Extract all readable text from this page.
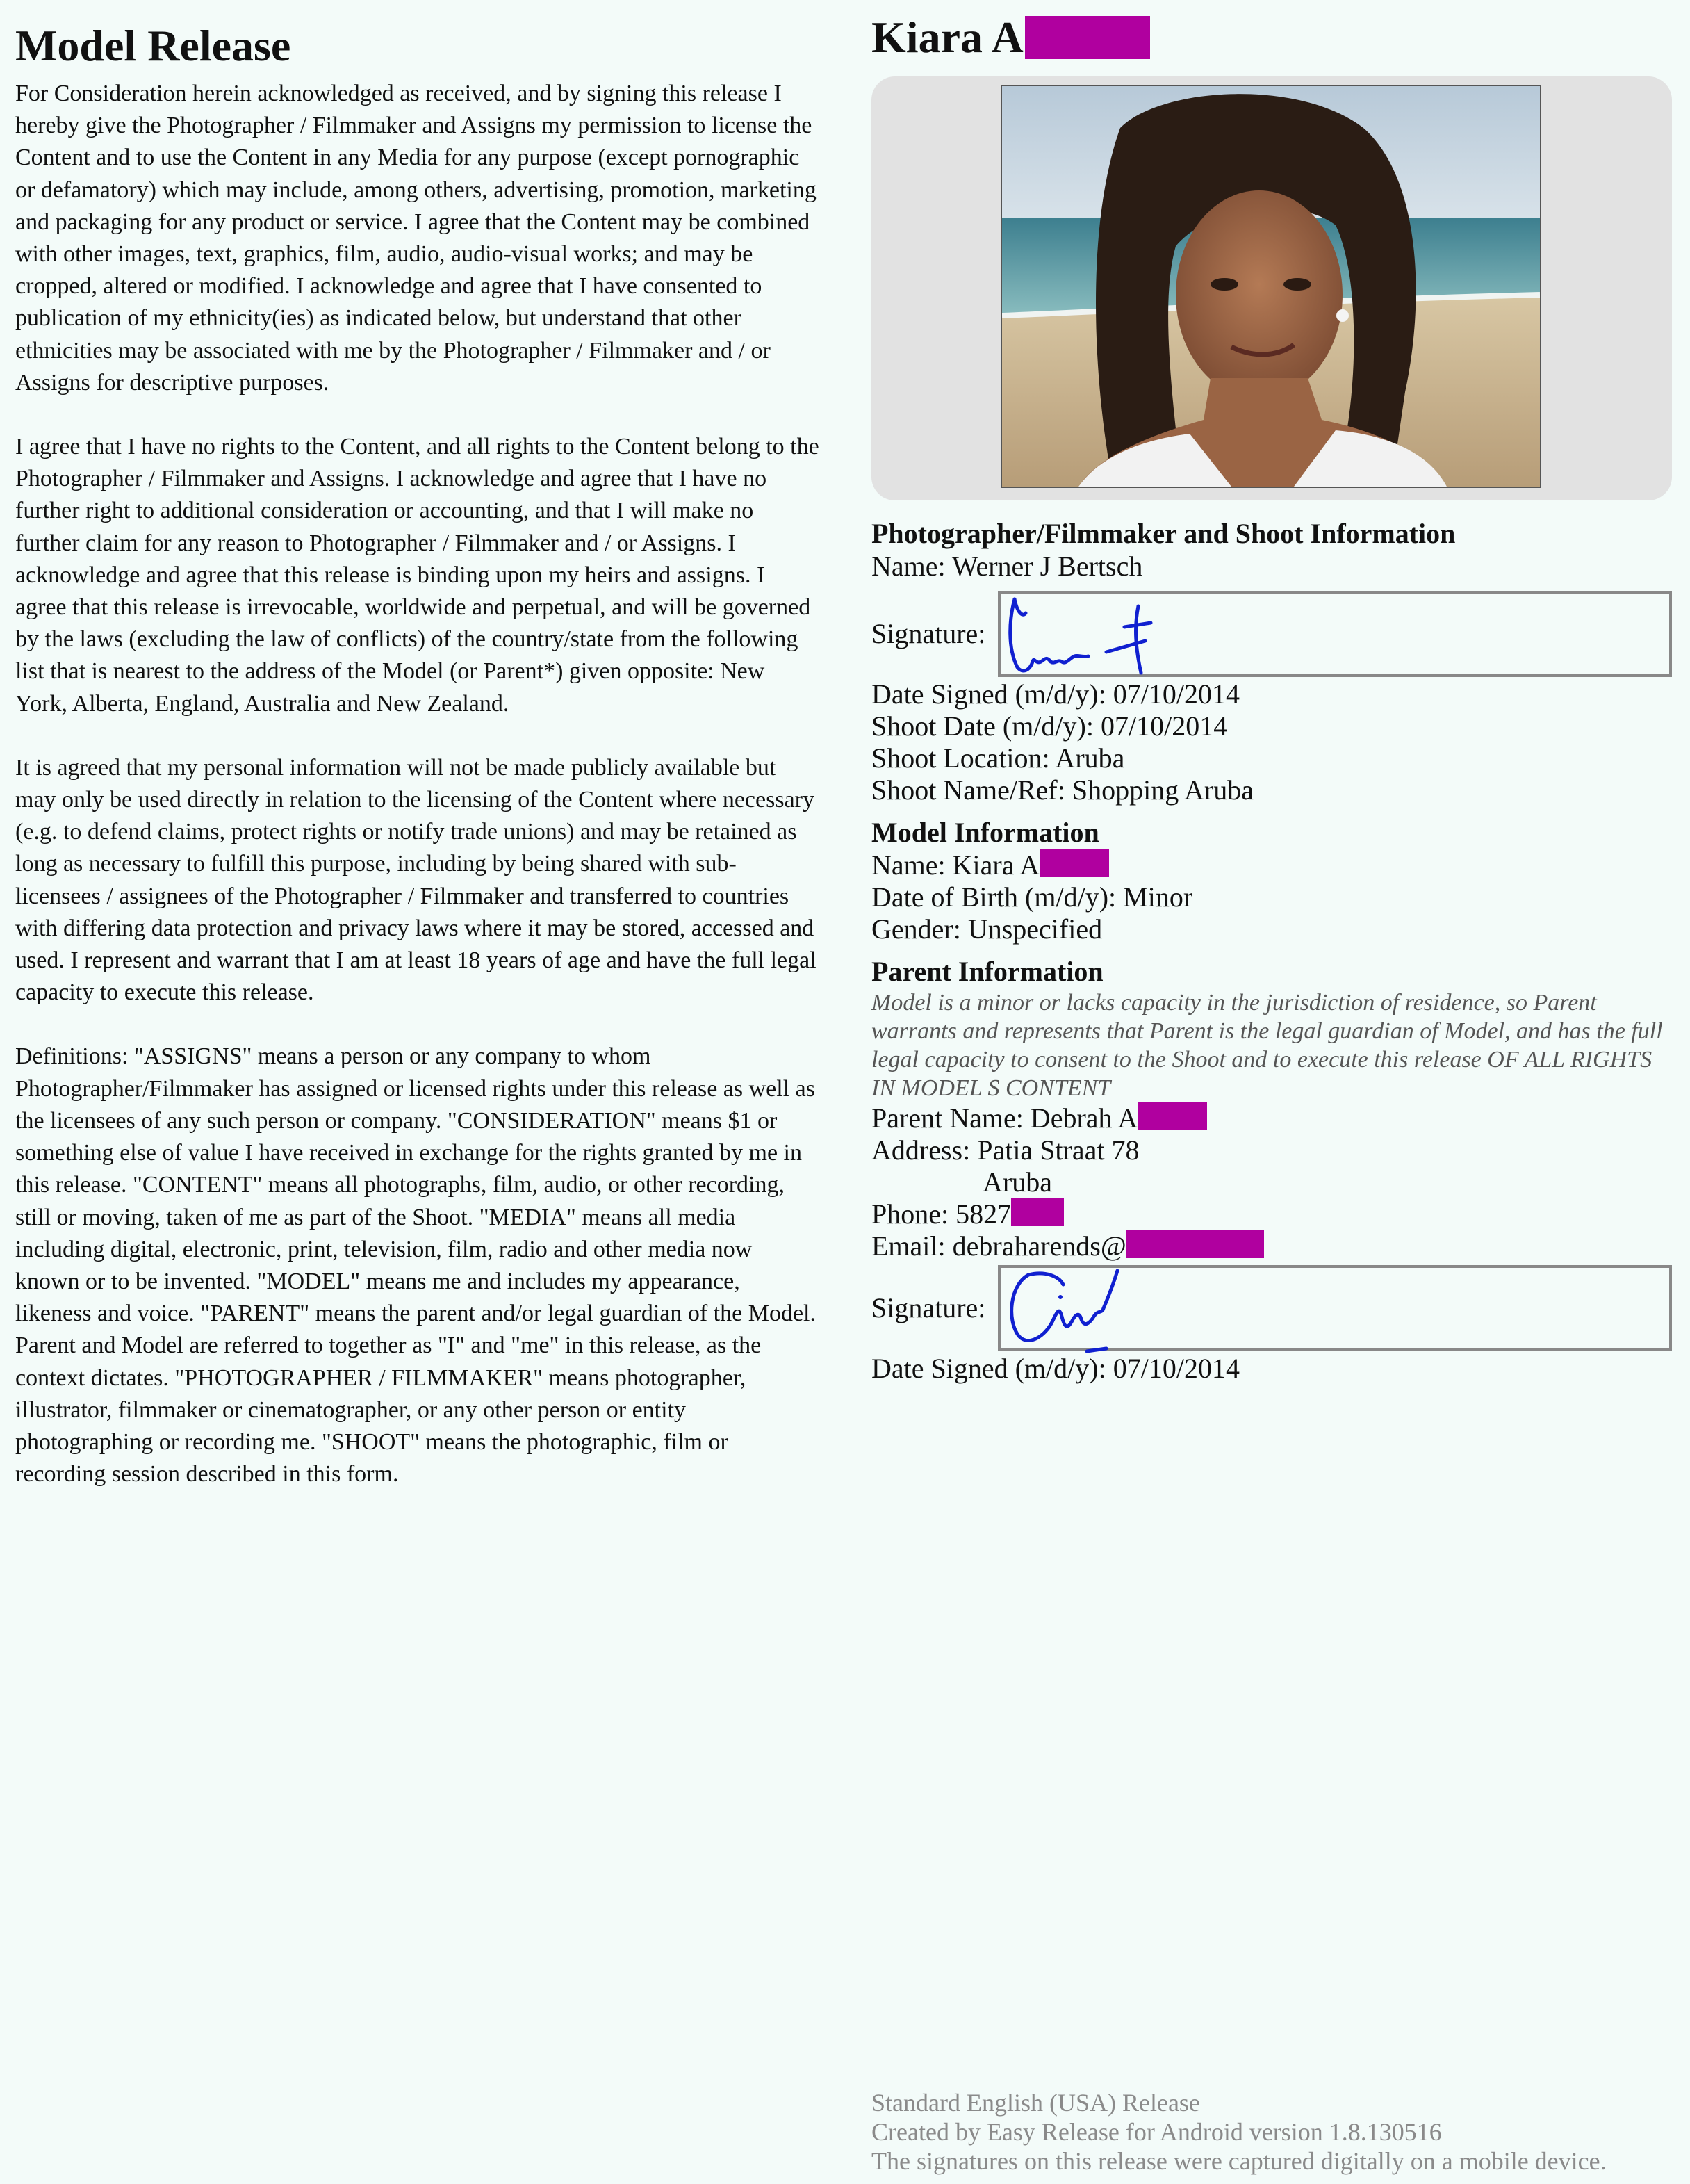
Model Release
For Consideration herein acknowledged as received, and by signing this release I hereby give the Photographer / Filmmaker and Assigns my permission to license the Content and to use the Content in any Media for any purpose (except pornographic or defamatory) which may include, among others, advertising, promotion, marketing and packaging for any product or service. I agree that the Content may be combined with other images, text, graphics, film, audio, audio-visual works; and may be cropped, altered or modified. I acknowledge and agree that I have consented to publication of my ethnicity(ies) as indicated below, but understand that other ethnicities may be associated with me by the Photographer / Filmmaker and / or Assigns for descriptive purposes.
I agree that I have no rights to the Content, and all rights to the Content belong to the Photographer / Filmmaker and Assigns. I acknowledge and agree that I have no further right to additional consideration or accounting, and that I will make no further claim for any reason to Photographer / Filmmaker and / or Assigns. I acknowledge and agree that this release is binding upon my heirs and assigns. I agree that this release is irrevocable, worldwide and perpetual, and will be governed by the laws (excluding the law of conflicts) of the country/state from the following list that is nearest to the address of the Model (or Parent*) given opposite: New York, Alberta, England, Australia and New Zealand.
It is agreed that my personal information will not be made publicly available but may only be used directly in relation to the licensing of the Content where necessary (e.g. to defend claims, protect rights or notify trade unions) and may be retained as long as necessary to fulfill this purpose, including by being shared with sub-licensees / assignees of the Photographer / Filmmaker and transferred to countries with differing data protection and privacy laws where it may be stored, accessed and used. I represent and warrant that I am at least 18 years of age and have the full legal capacity to execute this release.
Definitions: "ASSIGNS" means a person or any company to whom Photographer/Filmmaker has assigned or licensed rights under this release as well as the licensees of any such person or company. "CONSIDERATION" means $1 or something else of value I have received in exchange for the rights granted by me in this release. "CONTENT" means all photographs, film, audio, or other recording, still or moving, taken of me as part of the Shoot. "MEDIA" means all media including digital, electronic, print, television, film, radio and other media now known or to be invented. "MODEL" means me and includes my appearance, likeness and voice. "PARENT" means the parent and/or legal guardian of the Model. Parent and Model are referred to together as "I" and "me" in this release, as the context dictates. "PHOTOGRAPHER / FILMMAKER" means photographer, illustrator, filmmaker or cinematographer, or any other person or entity photographing or recording me. "SHOOT" means the photographic, film or recording session described in this form.
Kiara A
Photographer/Filmmaker and Shoot Information
Name: Werner J Bertsch
Signature:
Date Signed (m/d/y): 07/10/2014
Shoot Date (m/d/y): 07/10/2014
Shoot Location: Aruba
Shoot Name/Ref: Shopping Aruba
Model Information
Name: Kiara A
Date of Birth (m/d/y): Minor
Gender: Unspecified
Parent Information
Model is a minor or lacks capacity in the jurisdiction of residence, so Parent warrants and represents that Parent is the legal guardian of Model, and has the full legal capacity to consent to the Shoot and to execute this release OF ALL RIGHTS IN MODEL S CONTENT
Parent Name: Debrah A
Address: Patia Straat 78
Aruba
Phone: 5827
Email: debraharends@
Signature:
Date Signed (m/d/y): 07/10/2014
Standard English (USA) Release
Created by Easy Release for Android version 1.8.130516
The signatures on this release were captured digitally on a mobile device.
